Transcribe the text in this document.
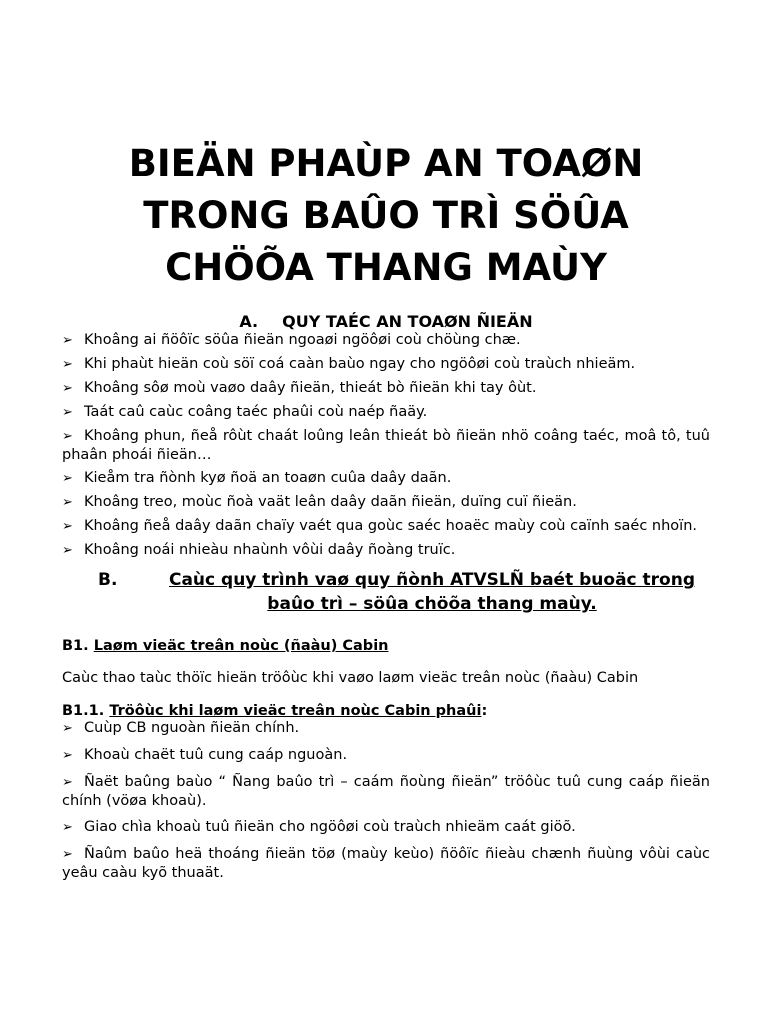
BIEÄN PHAÙP AN TOAØN
TRONG BAÛO TRÌ SÖÛA
CHÖÕA THANG MAÙY
A. QUY TAÉC AN TOAØN ÑIEÄN
➢ Khoâng ai ñöôïc söûa ñieän ngoaøi ngöôøi coù chöùng chæ.
➢ Khi phaùt hieän coù söï coá caàn baùo ngay cho ngöôøi coù traùch nhieäm.
➢ Khoâng sôø moù vaøo daây ñieän, thieát bò ñieän khi tay ôùt.
➢ Taát caû caùc coâng taéc phaûi coù naép ñaäy.
➢ Khoâng phun, ñeå rôùt chaát loûng leân thieát bò ñieän nhö coâng taéc, moâ tô, tuû phaân phoái ñieän…
➢ Kieåm tra ñònh kyø ñoä an toaøn cuûa daây daãn.
➢ Khoâng treo, moùc ñoà vaät leân daây daãn ñieän, duïng cuï ñieän.
➢ Khoâng ñeå daây daãn chaïy vaét qua goùc saéc hoaëc maùy coù caïnh saéc nhoïn.
➢ Khoâng noái nhieàu nhaùnh vôùi daây ñoàng truïc.
B.	Caùc quy trình vaø quy ñònh ATVSLÑ baét buoäc trong
baûo trì – söûa chöõa thang maùy.
B1. Laøm vieäc treân noùc (ñaàu) Cabin
Caùc thao taùc thöïc hieän tröôùc khi vaøo laøm vieäc treân noùc (ñaàu) Cabin
B1.1. Tröôùc khi laøm vieäc treân noùc Cabin phaûi:
➢ Cuùp CB nguoàn ñieän chính.
➢ Khoaù chaët tuû cung caáp nguoàn.
➢ Ñaët baûng baùo “ Ñang baûo trì – caám ñoùng ñieän” tröôùc tuû cung caáp ñieän chính (vöøa khoaù).
➢ Giao chìa khoaù tuû ñieän cho ngöôøi coù traùch nhieäm caát giöõ.
➢ Ñaûm baûo heä thoáng ñieän töø (maùy keùo) ñöôïc ñieàu chænh ñuùng vôùi caùc yeâu caàu kyõ thuaät.
